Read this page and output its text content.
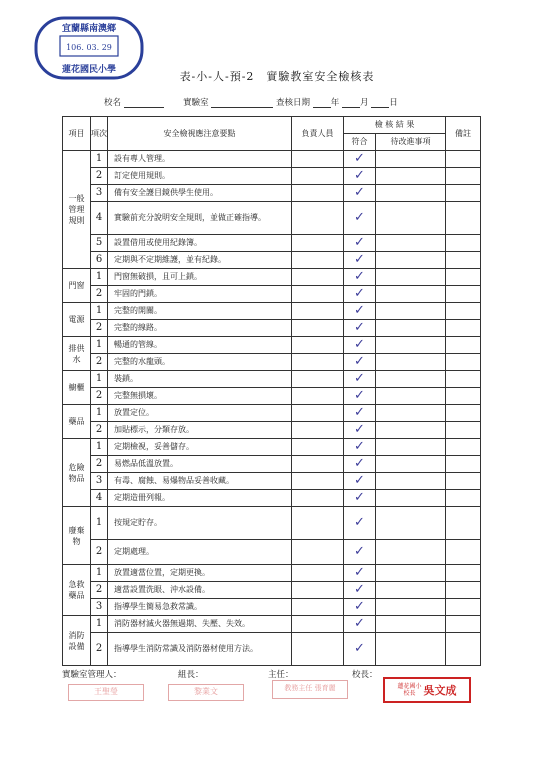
宜蘭縣南澳鄉
106. 03. 29
蓮花國民小學	表-小-人-預-2　實驗教室安全檢核表
校名	實驗室	查核日期 年 月 日
項目	項次	安全檢視應注意要點	負責人員	檢 核 結 果		備註
				符合	待改進事項	
一般管理規則	1	設有專人管理。		✓		
	2	訂定使用規則。		✓		
	3	備有安全護目鏡供學生使用。		✓		
	4	實驗前充分說明安全規則，並做正確指導。		✓		
	5	設置借用或使用紀錄簿。		✓		
	6	定期與不定期維護，並有紀錄。		✓		
門窗	1	門窗無破損，且可上鎖。		✓		
	2	牢固的門鎖。		✓		
電源	1	完整的開關。		✓		
	2	完整的線路。		✓		
排供水	1	暢通的管線。		✓		
	2	完整的水龍頭。		✓		
櫥櫃	1	裝鎖。		✓		
	2	完整無損壞。		✓		
藥品	1	放置定位。		✓		
	2	加貼標示，分類存放。		✓		
危險物品	1	定期檢視，妥善儲存。		✓		
	2	易燃品低溫放置。		✓		
	3	有毒、腐蝕、易爆物品妥善收藏。		✓		
	4	定期造冊列報。		✓		
廢棄物	1	按規定貯存。		✓		
	2	定期處理。		✓		
急救藥品	1	放置適當位置，定期更換。		✓		
	2	適當設置洗眼、沖水設備。		✓		
	3	指導學生簡易急救常識。		✓		
消防設備	1	消防器材滅火器無過期、失壓、失效。		✓		
	2	指導學生消防常識及消防器材使用方法。		✓		
實驗室管理人：	組長：	主任：	校長：
王聖瑩	黎業文	教務主任 張育麗	蓮花國小
校長 吳文成
